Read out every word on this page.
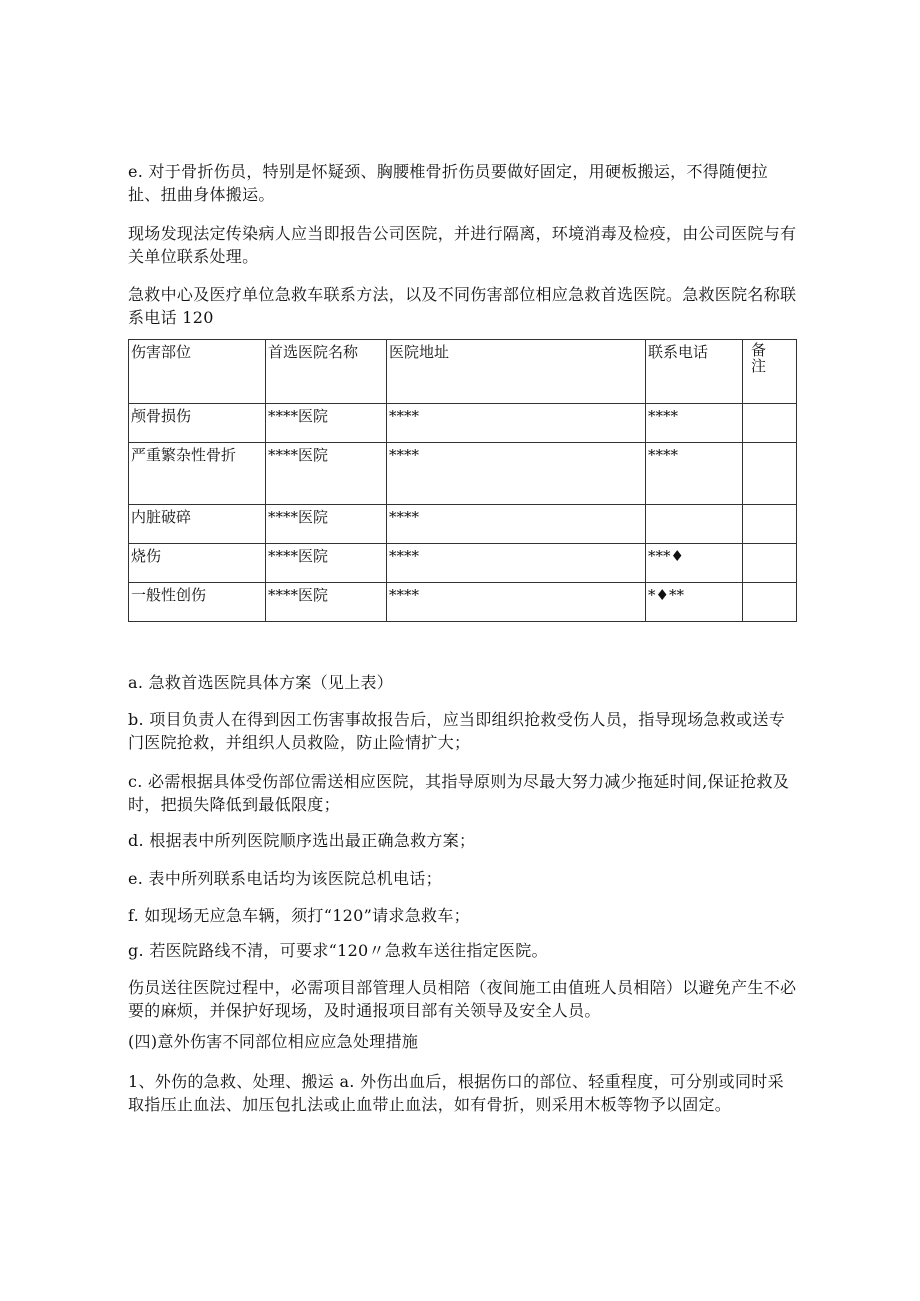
e. 对于骨折伤员，特别是怀疑颈、胸腰椎骨折伤员要做好固定，用硬板搬运，不得随便拉扯、扭曲身体搬运。

现场发现法定传染病人应当即报告公司医院，并进行隔离，环境消毒及检疫，由公司医院与有关单位联系处理。

急救中心及医疗单位急救车联系方法，以及不同伤害部位相应急救首选医院。急救医院名称联系电话 120

伤害部位	首选医院名称	医院地址	联系电话	备
注
颅骨损伤	****医院	****	****	
严重繁杂性骨折	****医院	****	****	
内脏破碎	****医院	****		
烧伤	****医院	****	***♦	
一般性创伤	****医院	****	*♦**	

a. 急救首选医院具体方案（见上表）

b. 项目负责人在得到因工伤害事故报告后，应当即组织抢救受伤人员，指导现场急救或送专门医院抢救，并组织人员救险，防止险情扩大；

c. 必需根据具体受伤部位需送相应医院，其指导原则为尽最大努力减少拖延时间,保证抢救及时，把损失降低到最低限度；

d. 根据表中所列医院顺序选出最正确急救方案；

e. 表中所列联系电话均为该医院总机电话；

f. 如现场无应急车辆，须打“120”请求急救车；

g. 若医院路线不清，可要求“120〃急救车送往指定医院。

伤员送往医院过程中，必需项目部管理人员相陪（夜间施工由值班人员相陪）以避免产生不必要的麻烦，并保护好现场，及时通报项目部有关领导及安全人员。

(四)意外伤害不同部位相应应急处理措施

1、外伤的急救、处理、搬运 a. 外伤出血后，根据伤口的部位、轻重程度，可分别或同时采取指压止血法、加压包扎法或止血带止血法，如有骨折，则采用木板等物予以固定。
